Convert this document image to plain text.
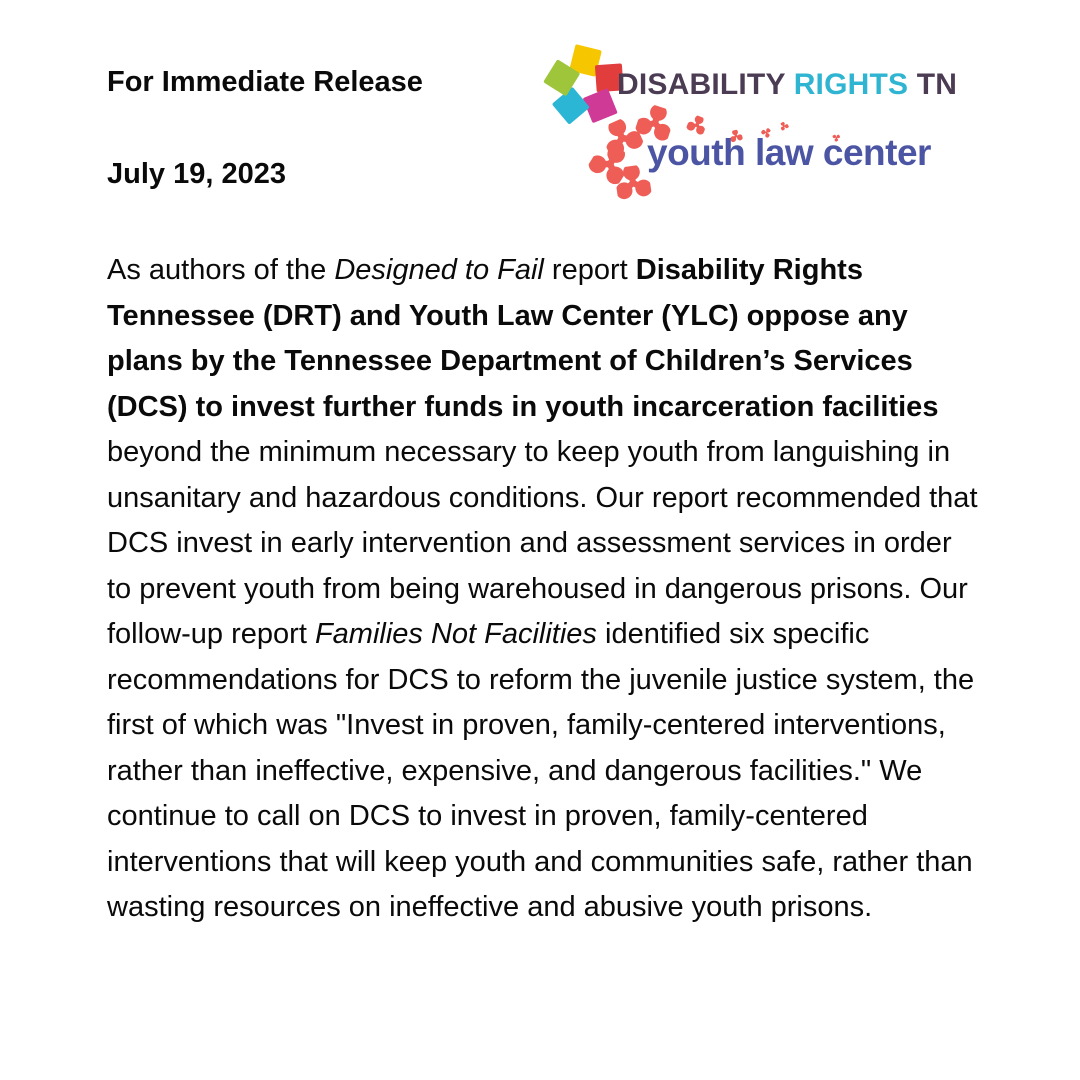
For Immediate Release
July 19, 2023
DISABILITY RIGHTS TN
youth law center
As authors of the Designed to Fail report Disability Rights Tennessee (DRT) and Youth Law Center (YLC) oppose any plans by the Tennessee Department of Children’s Services (DCS) to invest further funds in youth incarceration facilities beyond the minimum necessary to keep youth from languishing in unsanitary and hazardous conditions. Our report recommended that DCS invest in early intervention and assessment services in order to prevent youth from being warehoused in dangerous prisons. Our follow-up report Families Not Facilities identified six specific recommendations for DCS to reform the juvenile justice system, the first of which was "Invest in proven, family-centered interventions, rather than ineffective, expensive, and dangerous facilities." We continue to call on DCS to invest in proven, family-centered interventions that will keep youth and communities safe, rather than wasting resources on ineffective and abusive youth prisons.
